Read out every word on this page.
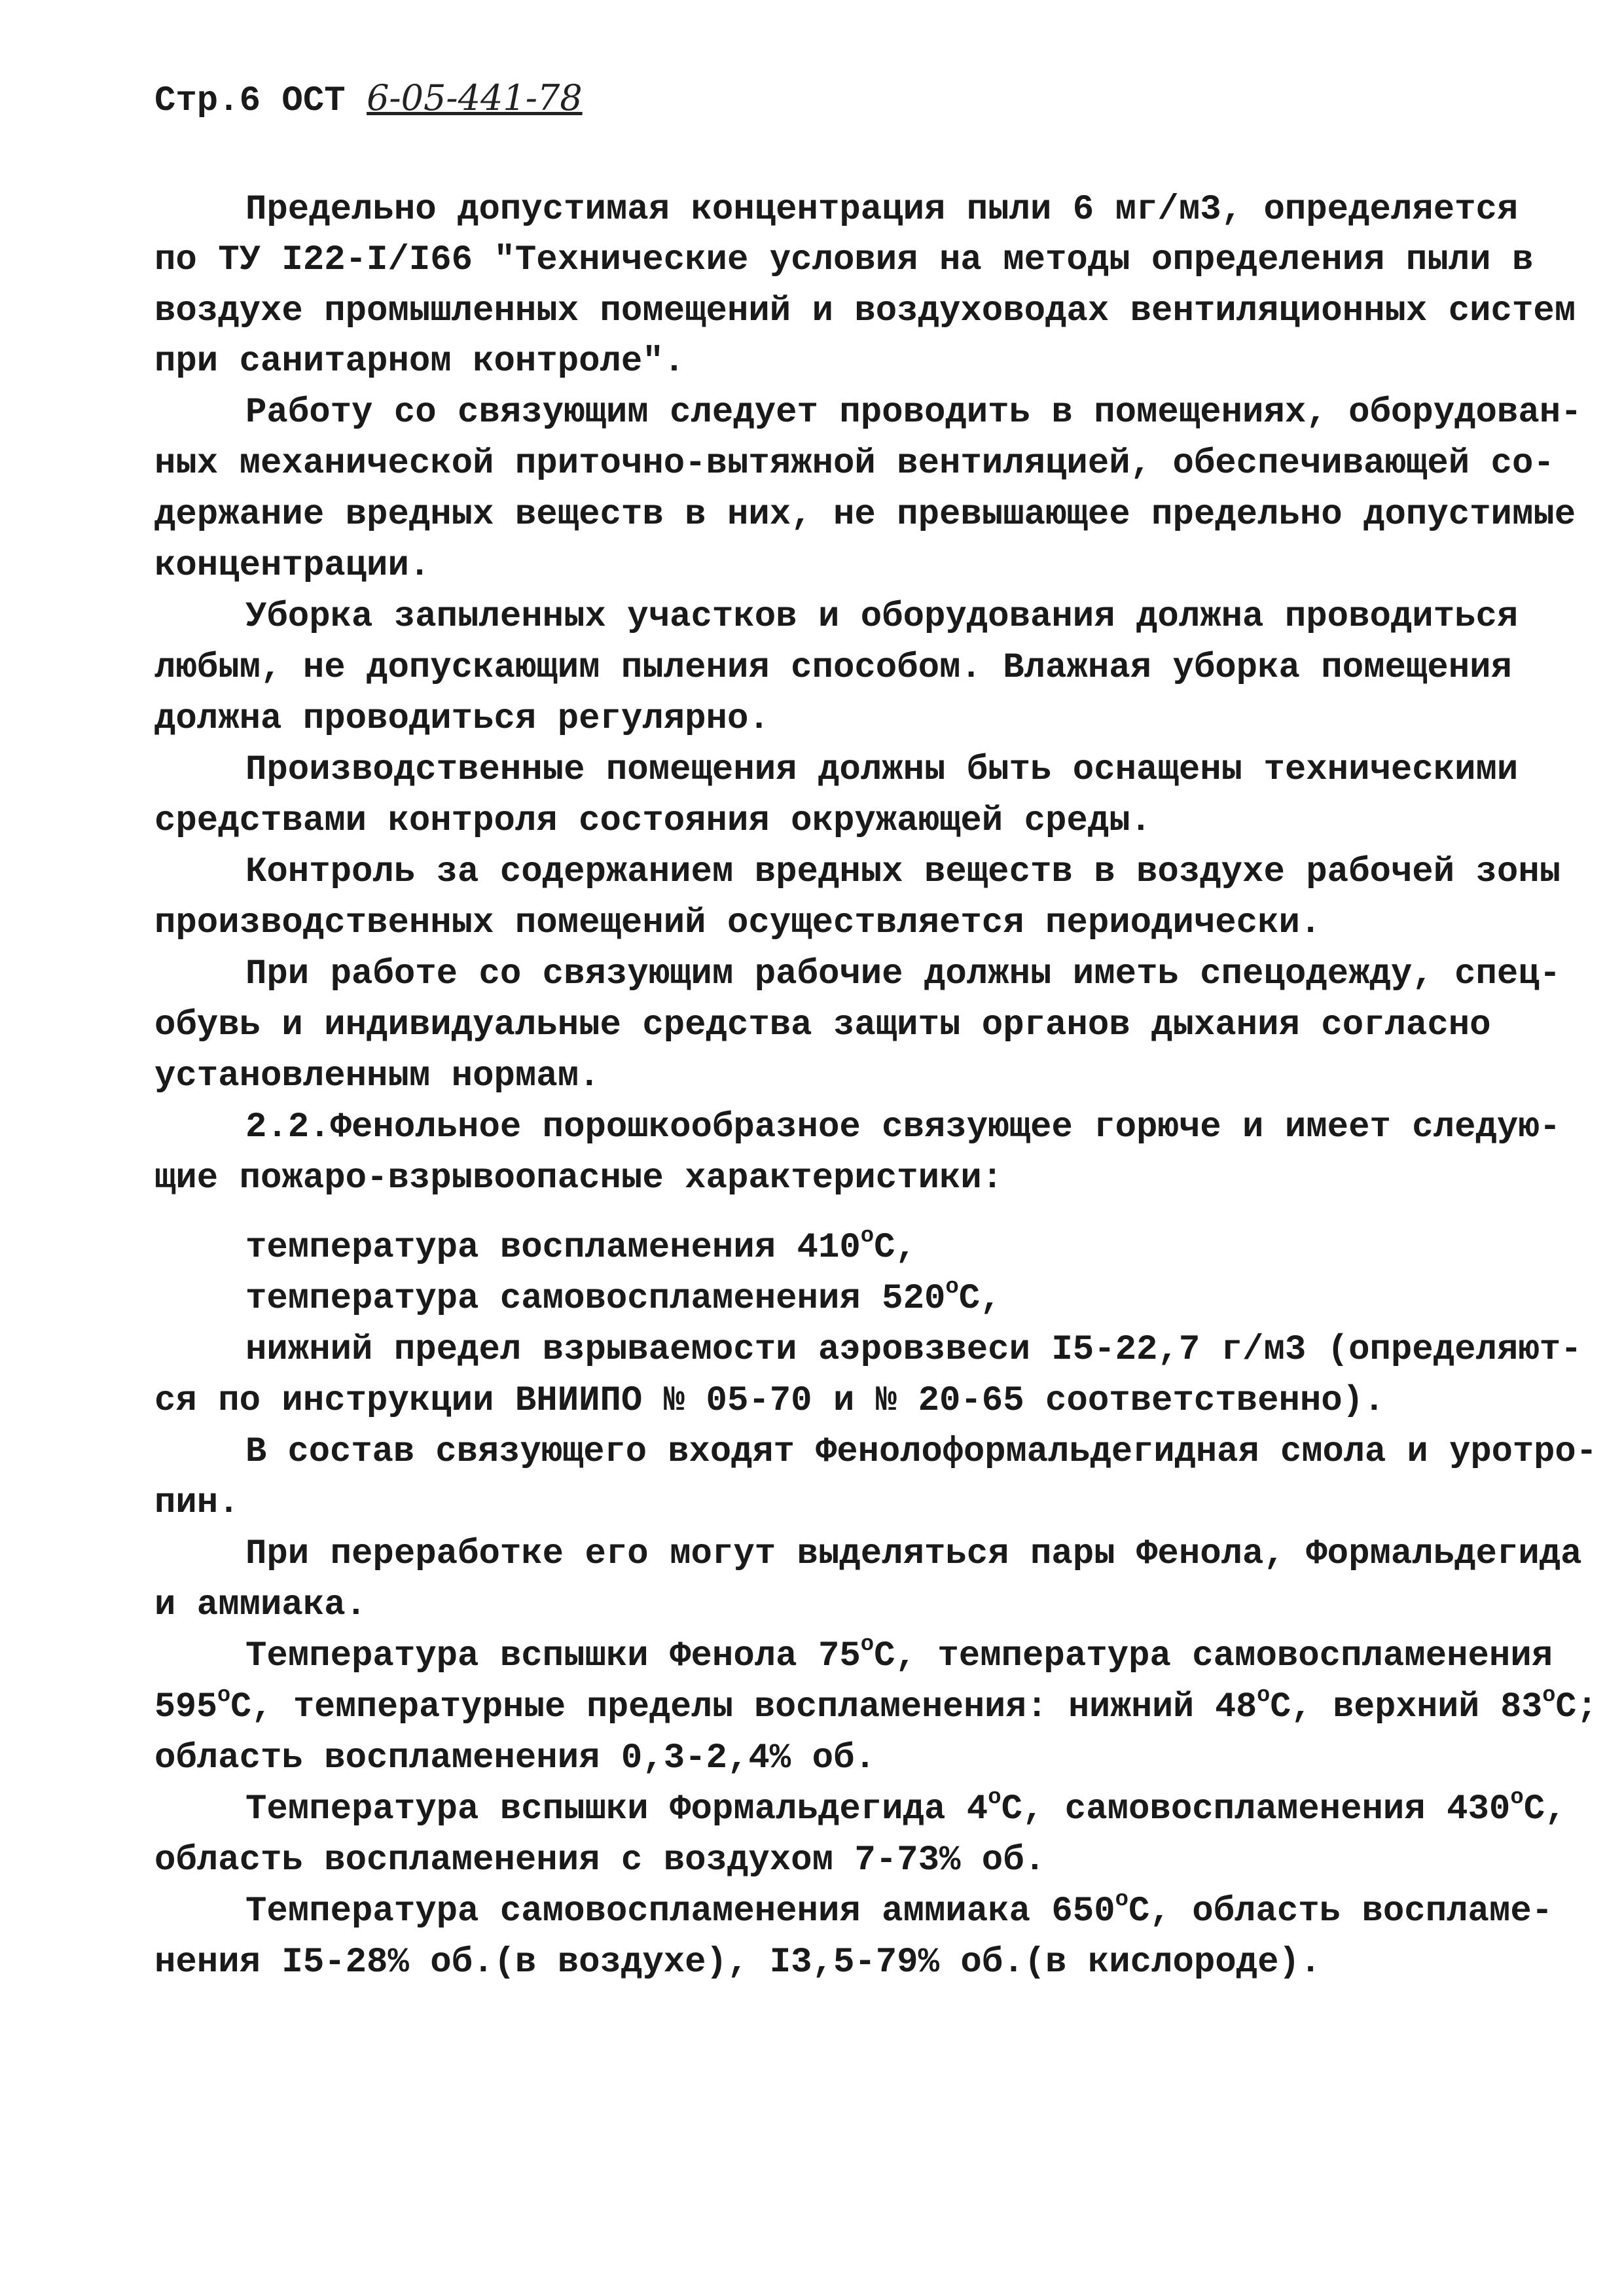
Стр.6 ОСТ 6-05-441-78
Предельно допустимая концентрация пыли 6 мг/м3, определяется
по ТУ I22-I/I66 "Технические условия на методы определения пыли в
воздухе промышленных помещений и воздуховодах вентиляционных систем
при санитарном контроле".
Работу со связующим следует проводить в помещениях, оборудован-
ных механической приточно-вытяжной вентиляцией, обеспечивающей со-
держание вредных веществ в них, не превышающее предельно допустимые
концентрации.
Уборка запыленных участков и оборудования должна проводиться
любым, не допускающим пыления способом. Влажная уборка помещения
должна проводиться регулярно.
Производственные помещения должны быть оснащены техническими
средствами контроля состояния окружающей среды.
Контроль за содержанием вредных веществ в воздухе рабочей зоны
производственных помещений осуществляется периодически.
При работе со связующим рабочие должны иметь спецодежду, спец-
обувь и индивидуальные средства защиты органов дыхания согласно
установленным нормам.
2.2.Фенольное порошкообразное связующее горюче и имеет следую-
щие пожаро-взрывоопасные характеристики:
температура воспламенения 410$^o$C,
температура самовоспламенения 520$^o$C,
нижний предел взрываемости аэровзвеси I5-22,7 г/м3 (определяют-
ся по инструкции ВНИИПО № 05-70 и № 20-65 соответственно).
В состав связующего входят Фенолоформальдегидная смола и уротро-
пин.
При переработке его могут выделяться пары Фенола, Формальдегида
и аммиака.
Температура вспышки Фенола 75$^o$C, температура самовоспламенения
595$^o$C, температурные пределы воспламенения: нижний 48$^o$C, верхний 83$^o$C;
область воспламенения 0,3-2,4% об.
Температура вспышки Формальдегида 4$^o$C, самовоспламенения 430$^o$C,
область воспламенения с воздухом 7-73% об.
Температура самовоспламенения аммиака 650$^o$C, область воспламе-
нения I5-28% об.(в воздухе), I3,5-79% об.(в кислороде).
